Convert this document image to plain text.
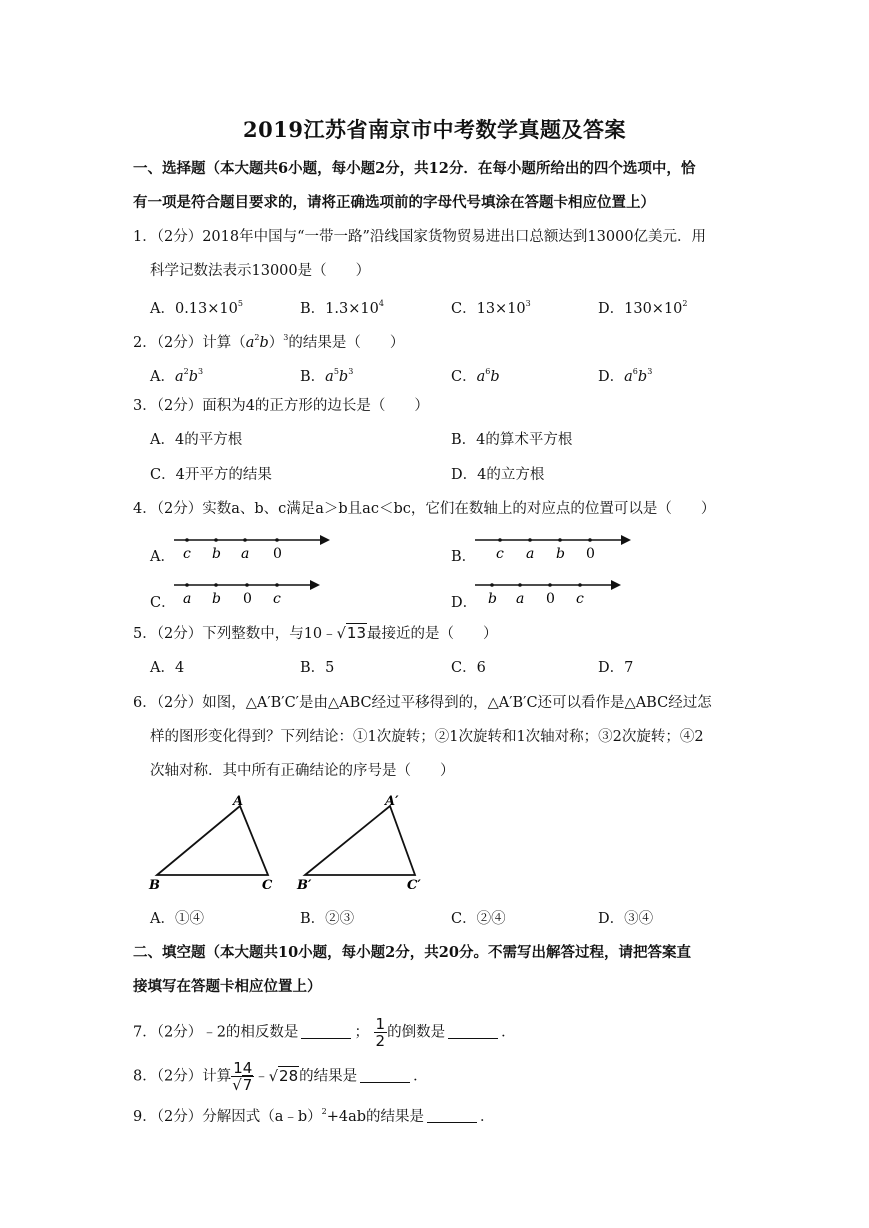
2019江苏省南京市中考数学真题及答案
一、选择题（本大题共6小题，每小题2分，共12分．在每小题所给出的四个选项中，恰
有一项是符合题目要求的，请将正确选项前的字母代号填涂在答题卡相应位置上）
1．（2分）2018年中国与“一带一路”沿线国家货物贸易进出口总额达到13000亿美元．用
科学记数法表示13000是（　　）
A．$0.13\times 10^5$	B．$1.3\times 10^4$	C．$13\times 10^3$	D．$130\times 10^2$
2．（2分）计算$(a^2b)^3$的结果是（　　）
A．$a^2b^3$	B．$a^5b^3$	C．$a^6b$	D．$a^6b^3$
3．（2分）面积为4的正方形的边长是（　　）
A．4的平方根	B．4的算术平方根
C．4开平方的结果	D．4的立方根
4．（2分）实数a、b、c满足a＞b且ac＜bc，它们在数轴上的对应点的位置可以是（　　）
A． c b a 0	B． c a b 0
C． a b 0 c	D． b a 0 c
5．（2分）下列整数中，与10﹣√13最接近的是（　　）
A．4	B．5	C．6	D．7
6．（2分）如图，△A′B′C′是由△ABC经过平移得到的，△A′B′C还可以看作是△ABC经过怎
样的图形变化得到？下列结论：①1次旋转；②1次旋转和1次轴对称；③2次旋转；④2
次轴对称．其中所有正确结论的序号是（　　）
A
B	C
A′
B′	C′
A．①④	B．②③	C．②④	D．③④
二、填空题（本大题共10小题，每小题2分，共20分。不需写出解答过程，请把答案直
接填写在答题卡相应位置上）
7．（2分）﹣2的相反数是	； $\frac{1}{2}$ 的倒数是	．
8．（2分）计算 $\frac{14}{√7}$ ﹣√28的结果是	．
9．（2分）分解因式（a﹣b）$^2$+4ab的结果是	．
